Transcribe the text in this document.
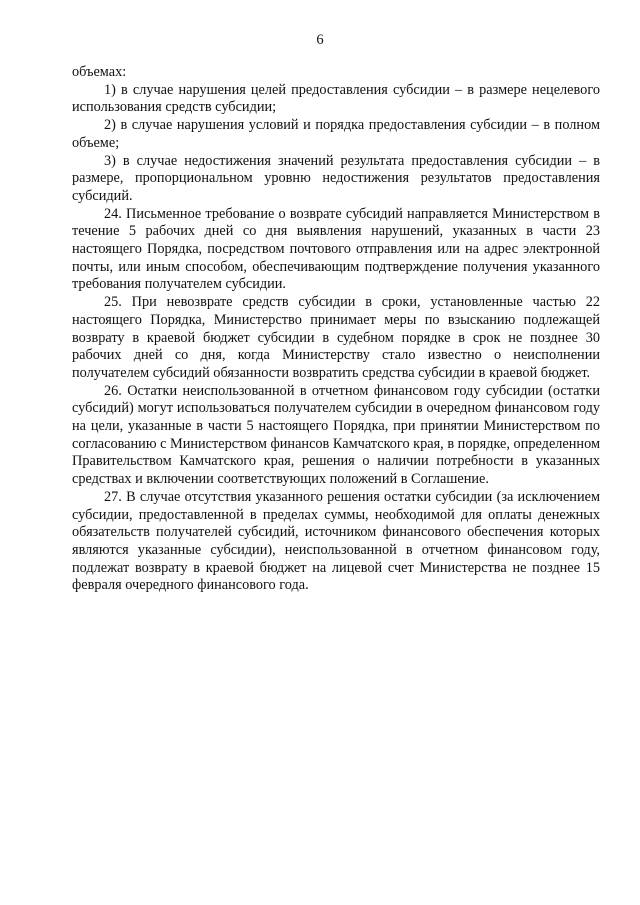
6

объемах:

1) в случае нарушения целей предоставления субсидии – в размере нецелевого использования средств субсидии;

2) в случае нарушения условий и порядка предоставления субсидии – в полном объеме;

3) в случае недостижения значений результата предоставления субсидии – в размере, пропорциональном уровню недостижения результатов предоставления субсидий.

24. Письменное требование о возврате субсидий направляется Министерством в течение 5 рабочих дней со дня выявления нарушений, указанных в части 23 настоящего Порядка, посредством почтового отправления или на адрес электронной почты, или иным способом, обеспечивающим подтверждение получения указанного требования получателем субсидии.

25. При невозврате средств субсидии в сроки, установленные частью 22 настоящего Порядка, Министерство принимает меры по взысканию подлежащей возврату в краевой бюджет субсидии в судебном порядке в срок не позднее 30 рабочих дней со дня, когда Министерству стало известно о неисполнении получателем субсидий обязанности возвратить средства субсидии в краевой бюджет.

26. Остатки неиспользованной в отчетном финансовом году субсидии (остатки субсидий) могут использоваться получателем субсидии в очередном финансовом году на цели, указанные в части 5 настоящего Порядка, при принятии Министерством по согласованию с Министерством финансов Камчатского края, в порядке, определенном Правительством Камчатского края, решения о наличии потребности в указанных средствах и включении соответствующих положений в Соглашение.

27. В случае отсутствия указанного решения остатки субсидии (за исключением субсидии, предоставленной в пределах суммы, необходимой для оплаты денежных обязательств получателей субсидий, источником финансового обеспечения которых являются указанные субсидии), неиспользованной в отчетном финансовом году, подлежат возврату в краевой бюджет на лицевой счет Министерства не позднее 15 февраля очередного финансового года.
